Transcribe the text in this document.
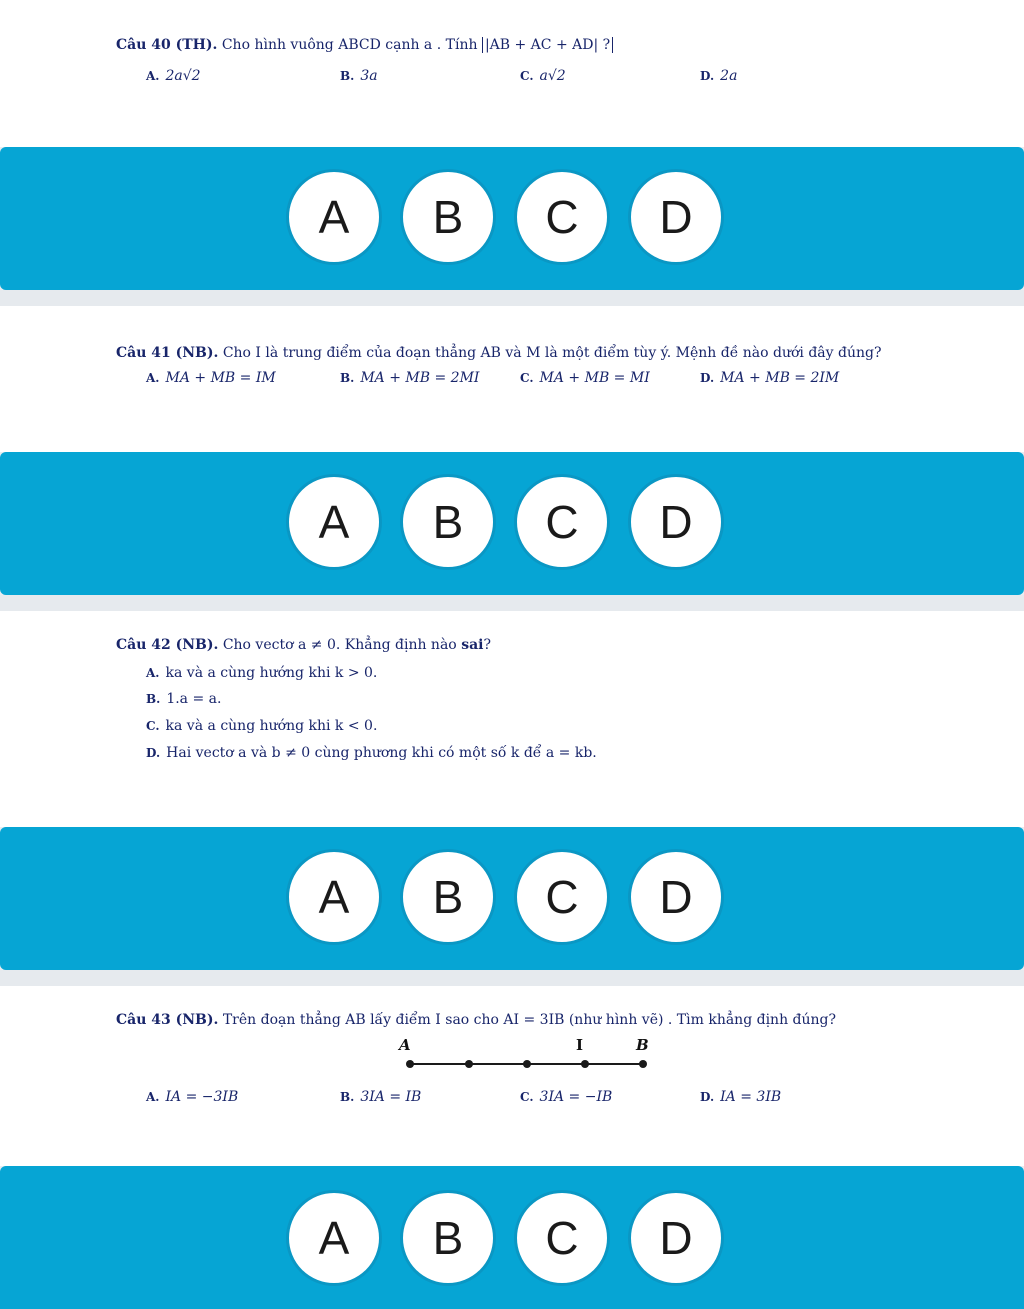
Câu 40 (TH). Cho hình vuông ABCD cạnh a . Tính |AB + AC + AD| ?
A. 2a√2	B. 3a	C. a√2	D. 2a
A	B	C	D
Câu 41 (NB). Cho I là trung điểm của đoạn thẳng AB và M là một điểm tùy ý. Mệnh đề nào dưới đây đúng?
A. MA + MB = IM	B. MA + MB = 2MI	C. MA + MB = MI	D. MA + MB = 2IM
A	B	C	D
Câu 42 (NB). Cho vectơ a ≠ 0. Khẳng định nào sai?
A. ka và a cùng hướng khi k > 0.
B. 1.a = a.
C. ka và a cùng hướng khi k < 0.
D. Hai vectơ a và b ≠ 0 cùng phương khi có một số k để a = kb.
A	B	C	D
Câu 43 (NB). Trên đoạn thẳng AB lấy điểm I sao cho AI = 3IB (như hình vẽ) . Tìm khẳng định đúng?
A	I	B
A. IA = −3IB	B. 3IA = IB	C. 3IA = −IB	D. IA = 3IB
A	B	C	D
